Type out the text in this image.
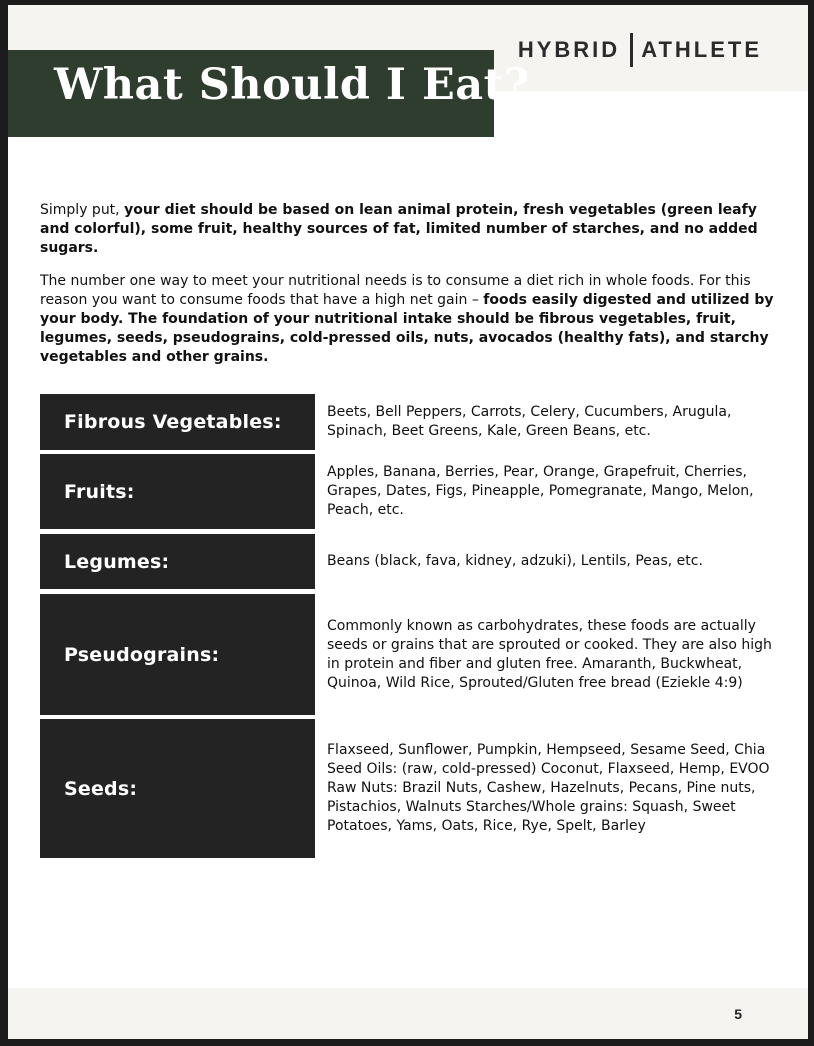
HYBRID ATHLETE
What Should I Eat?

Simply put, your diet should be based on lean animal protein, fresh vegetables (green leafy and colorful), some fruit, healthy sources of fat, limited number of starches, and no added sugars.

The number one way to meet your nutritional needs is to consume a diet rich in whole foods. For this reason you want to consume foods that have a high net gain – foods easily digested and utilized by your body. The foundation of your nutritional intake should be fibrous vegetables, fruit, legumes, seeds, pseudograins, cold-pressed oils, nuts, avocados (healthy fats), and starchy vegetables and other grains.

Fibrous Vegetables:	Beets, Bell Peppers, Carrots, Celery, Cucumbers, Arugula, Spinach, Beet Greens, Kale, Green Beans, etc.
Fruits:
Apples, Banana, Berries, Pear, Orange, Grapefruit, Cherries, Grapes, Dates, Figs, Pineapple, Pomegranate, Mango, Melon, Peach, etc.
Legumes:	Beans (black, fava, kidney, adzuki), Lentils, Peas, etc.
Pseudograins:
Commonly known as carbohydrates, these foods are actually seeds or grains that are sprouted or cooked. They are also high in protein and fiber and gluten free. Amaranth, Buckwheat, Quinoa, Wild Rice, Sprouted/Gluten free bread (Eziekle 4:9)
Seeds:
Flaxseed, Sunflower, Pumpkin, Hempseed, Sesame Seed, Chia Seed Oils: (raw, cold-pressed) Coconut, Flaxseed, Hemp, EVOO Raw Nuts: Brazil Nuts, Cashew, Hazelnuts, Pecans, Pine nuts, Pistachios, Walnuts Starches/Whole grains: Squash, Sweet Potatoes, Yams, Oats, Rice, Rye, Spelt, Barley
5
